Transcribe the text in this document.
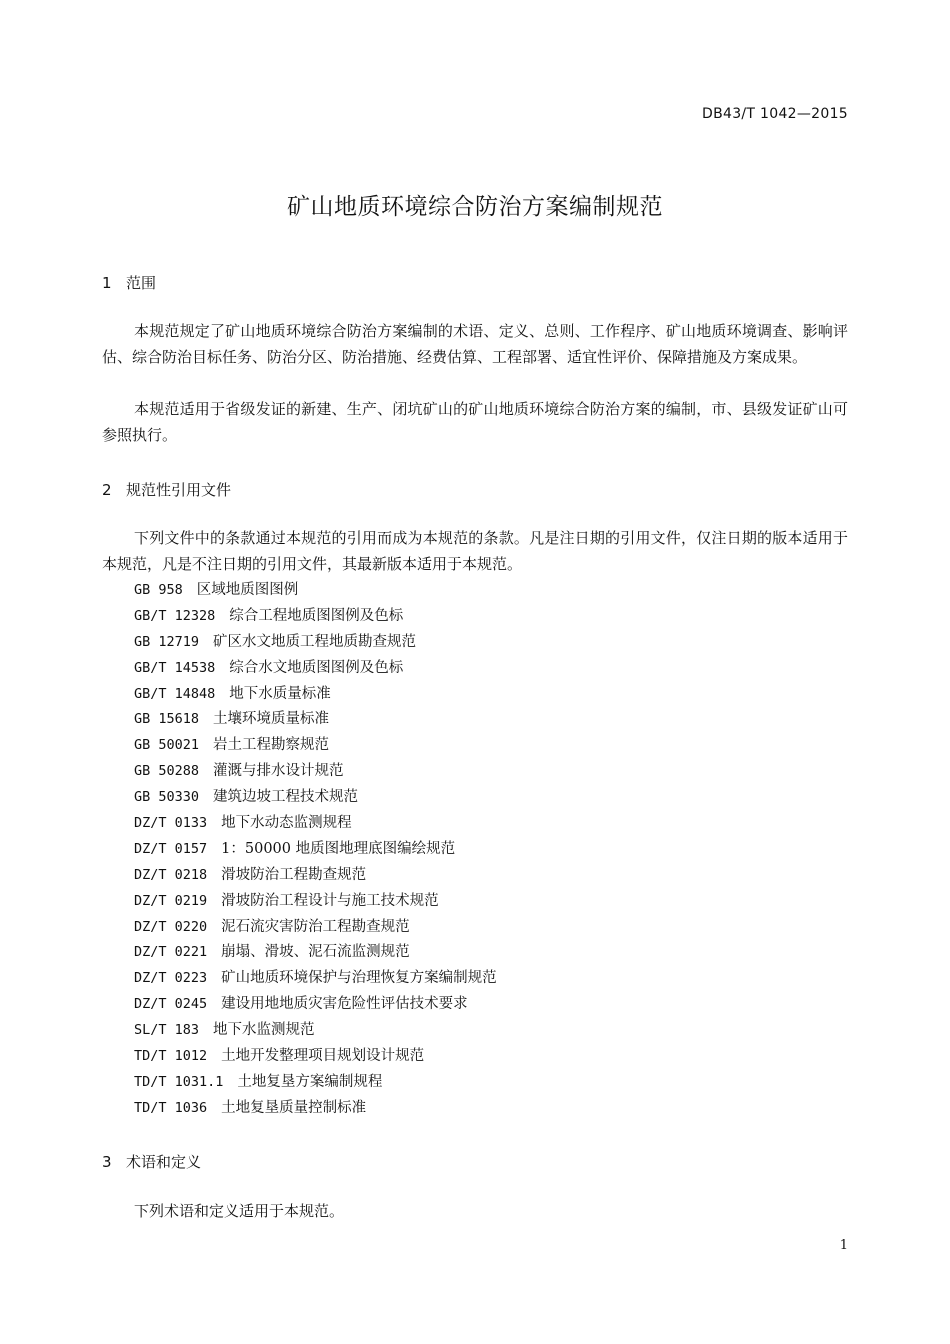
DB43/T 1042—2015
矿山地质环境综合防治方案编制规范
1 范围

本规范规定了矿山地质环境综合防治方案编制的术语、定义、总则、工作程序、矿山地质环境调查、影响评估、综合防治目标任务、防治分区、防治措施、经费估算、工程部署、适宜性评价、保障措施及方案成果。

本规范适用于省级发证的新建、生产、闭坑矿山的矿山地质环境综合防治方案的编制，市、县级发证矿山可参照执行。

2 规范性引用文件

下列文件中的条款通过本规范的引用而成为本规范的条款。凡是注日期的引用文件，仅注日期的版本适用于本规范，凡是不注日期的引用文件，其最新版本适用于本规范。

GB 958 区域地质图图例
GB/T 12328 综合工程地质图图例及色标
GB 12719 矿区水文地质工程地质勘查规范
GB/T 14538 综合水文地质图图例及色标
GB/T 14848 地下水质量标准
GB 15618 土壤环境质量标准
GB 50021 岩土工程勘察规范
GB 50288 灌溉与排水设计规范
GB 50330 建筑边坡工程技术规范
DZ/T 0133 地下水动态监测规程
DZ/T 0157 1：50000 地质图地理底图编绘规范
DZ/T 0218 滑坡防治工程勘查规范
DZ/T 0219 滑坡防治工程设计与施工技术规范
DZ/T 0220 泥石流灾害防治工程勘查规范
DZ/T 0221 崩塌、滑坡、泥石流监测规范
DZ/T 0223 矿山地质环境保护与治理恢复方案编制规范
DZ/T 0245 建设用地地质灾害危险性评估技术要求
SL/T 183 地下水监测规范
TD/T 1012 土地开发整理项目规划设计规范
TD/T 1031.1 土地复垦方案编制规程
TD/T 1036 土地复垦质量控制标准
3 术语和定义

下列术语和定义适用于本规范。

1
